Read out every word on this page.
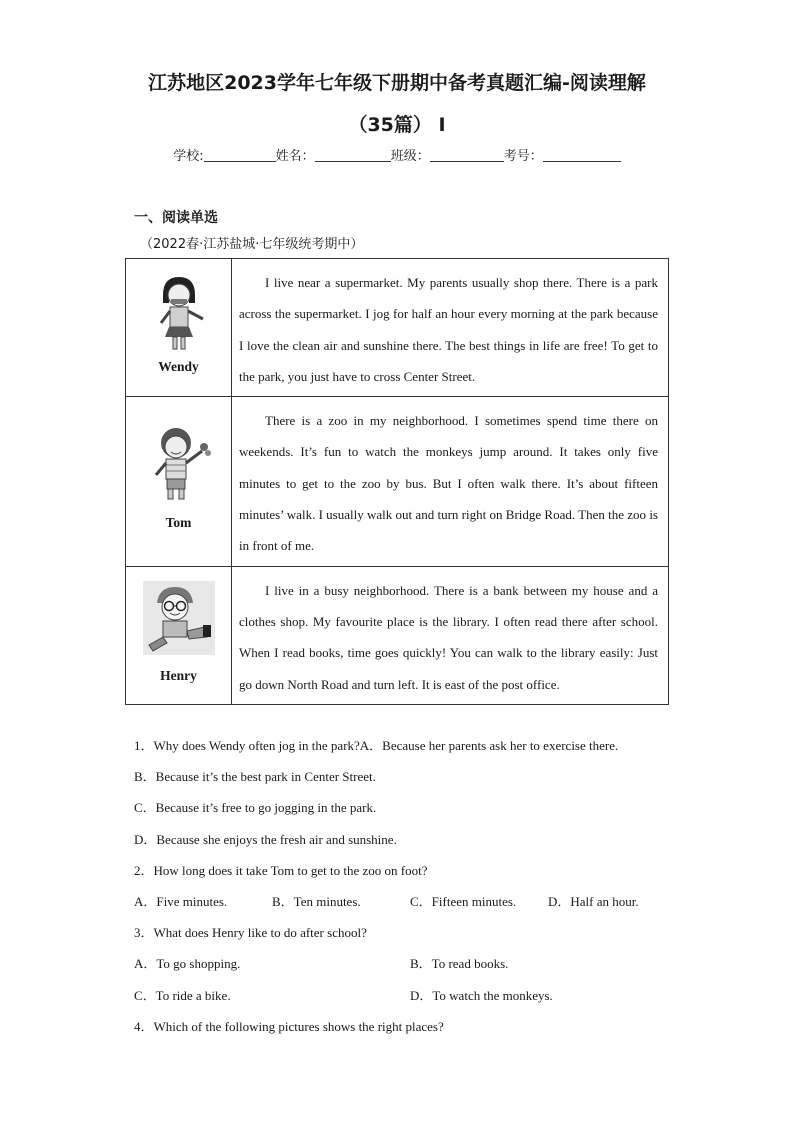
江苏地区2023学年七年级下册期中备考真题汇编-阅读理解
（35篇） Ⅰ
学校:	姓名：	班级：	考号：
一、阅读单选
（2022春·江苏盐城·七年级统考期中）
Wendy	I live near a supermarket. My parents usually shop there. There is a park across the supermarket. I jog for half an hour every morning at the park because I love the clean air and sunshine there. The best things in life are free! To get to the park, you just have to cross Center Street.

Tom	There is a zoo in my neighborhood. I sometimes spend time there on weekends. It’s fun to watch the monkeys jump around. It takes only five minutes to get to the zoo by bus. But I often walk there. It’s about fifteen minutes’ walk. I usually walk out and turn right on Bridge Road. Then the zoo is in front of me.

Henry	I live in a busy neighborhood. There is a bank between my house and a clothes shop. My favourite place is the library. I often read there after school. When I read books, time goes quickly! You can walk to the library easily: Just go down North Road and turn left. It is east of the post office.
1．Why does Wendy often jog in the park?A．Because her parents ask her to exercise there.
B．Because it’s the best park in Center Street.
C．Because it’s free to go jogging in the park.
D．Because she enjoys the fresh air and sunshine.
2．How long does it take Tom to get to the zoo on foot?
A．Five minutes.	B．Ten minutes.	C．Fifteen minutes. D．Half an hour.
3．What does Henry like to do after school?
A．To go shopping.	B．To read books.
C．To ride a bike.	D．To watch the monkeys.
4．Which of the following pictures shows the right places?
